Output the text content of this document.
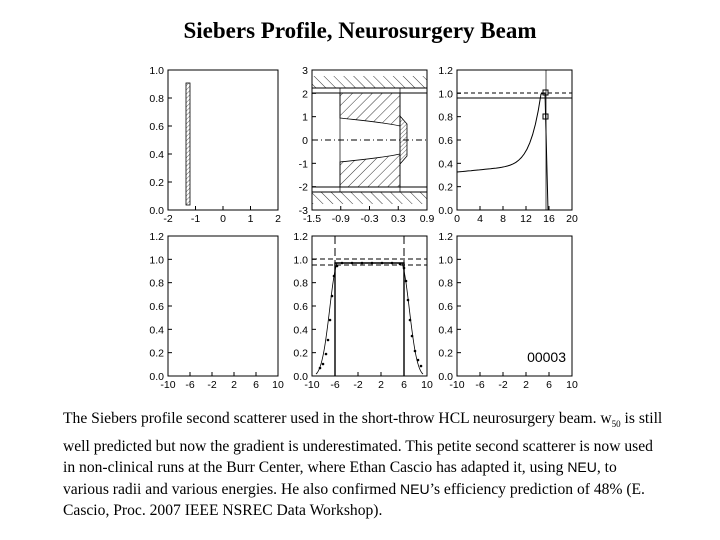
Siebers Profile, Neurosurgery Beam
-2 -1 0 1 2
1.0
0.8
0.6
0.4
0.2
0.0
-1.5 -0.9 -0.3 0.3 0.9
3
2
1
0
-1
-2
-3
0 4 8 12 16 20
1.2
1.0
0.8
0.6
0.4
0.2
0.0
-10 -6 -2 2 6 10
1.2
1.0
0.8
0.6
0.4
0.2
0.0
-10 -6 -2 2 6 10
1.2
1.0
0.8
0.6
0.4
0.2
0.0
-10 -6 -2 2 6 10
1.2
1.0
0.8
0.6
0.4
0.2
0.0
00003
The Siebers profile second scatterer used in the short-throw HCL neurosurgery beam. $w_{50}$ is still well predicted but now the gradient is underestimated. This petite second scatterer is now used in non-clinical runs at the Burr Center, where Ethan Cascio has adapted it, using NEU, to various radii and various energies. He also confirmed NEU’s efficiency prediction of 48% (E. Cascio, Proc. 2007 IEEE NSREC Data Workshop).
